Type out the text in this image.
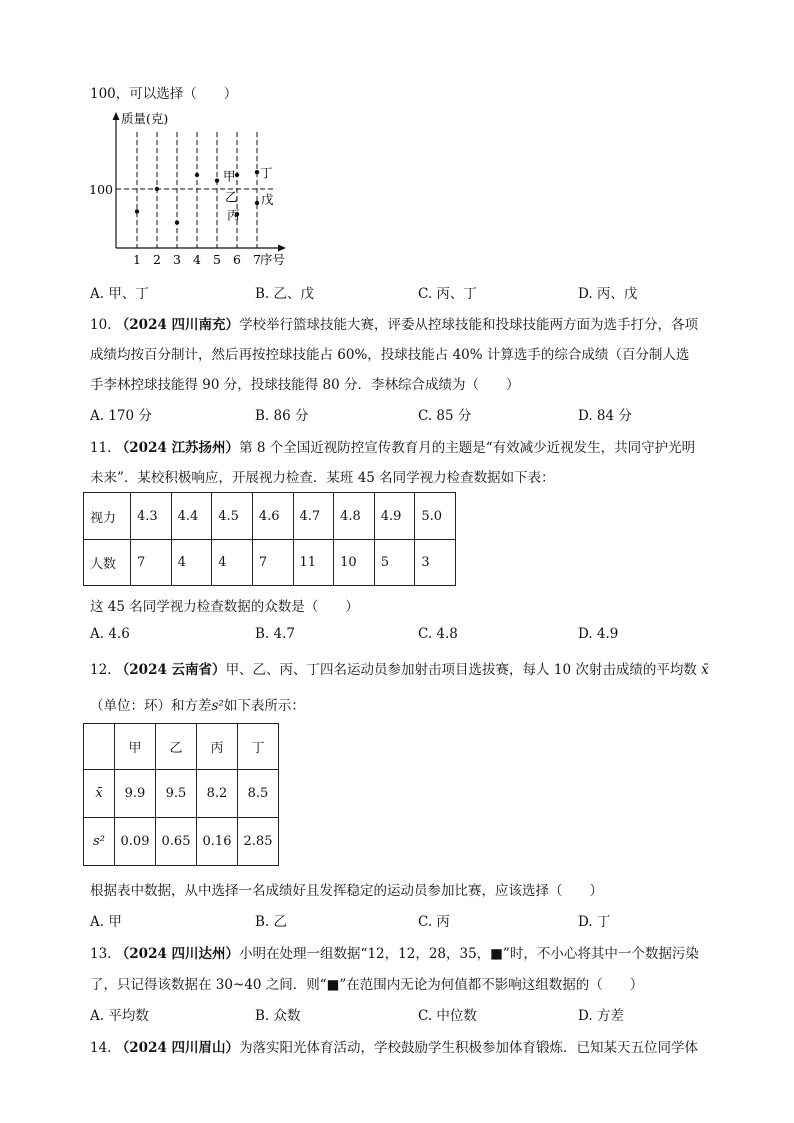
100，可以选择（　　）
质量(克)
序号
100
1 2 3 4 5 6 7
甲 丁
乙 戊
丙
A. 甲、丁	B. 乙、戊	C. 丙、丁	D. 丙、戊
10. （2024 四川南充）学校举行篮球技能大赛，评委从控球技能和投球技能两方面为选手打分，各项
成绩均按百分制计，然后再按控球技能占 60%，投球技能占 40% 计算选手的综合成绩（百分制人选
手李林控球技能得 90 分，投球技能得 80 分．李林综合成绩为（　　）
A. 170 分	B. 86 分	C. 85 分	D. 84 分
11. （2024 江苏扬州）第 8 个全国近视防控宣传教育月的主题是“有效减少近视发生，共同守护光明
未来”．某校积极响应，开展视力检查．某班 45 名同学视力检查数据如下表：
视力	4.3	4.4	4.5	4.6	4.7	4.8	4.9	5.0
人数	7	4	4	7	11	10	5	3
这 45 名同学视力检查数据的众数是（　　）
A. 4.6	B. 4.7	C. 4.8	D. 4.9
12. （2024 云南省）甲、乙、丙、丁四名运动员参加射击项目选拔赛，每人 10 次射击成绩的平均数 x̄
（单位：环）和方差s²如下表所示：
	甲	乙	丙	丁
x̄	9.9	9.5	8.2	8.5
s²	0.09	0.65	0.16	2.85
根据表中数据，从中选择一名成绩好且发挥稳定的运动员参加比赛，应该选择（　　）
A. 甲	B. 乙	C. 丙	D. 丁
13. （2024 四川达州）小明在处理一组数据“12，12，28，35，■”时，不小心将其中一个数据污染
了，只记得该数据在 30~40 之间．则“■”在范围内无论为何值都不影响这组数据的（　　）
A. 平均数	B. 众数	C. 中位数	D. 方差
14. （2024 四川眉山）为落实阳光体育活动，学校鼓励学生积极参加体育锻炼．已知某天五位同学体
